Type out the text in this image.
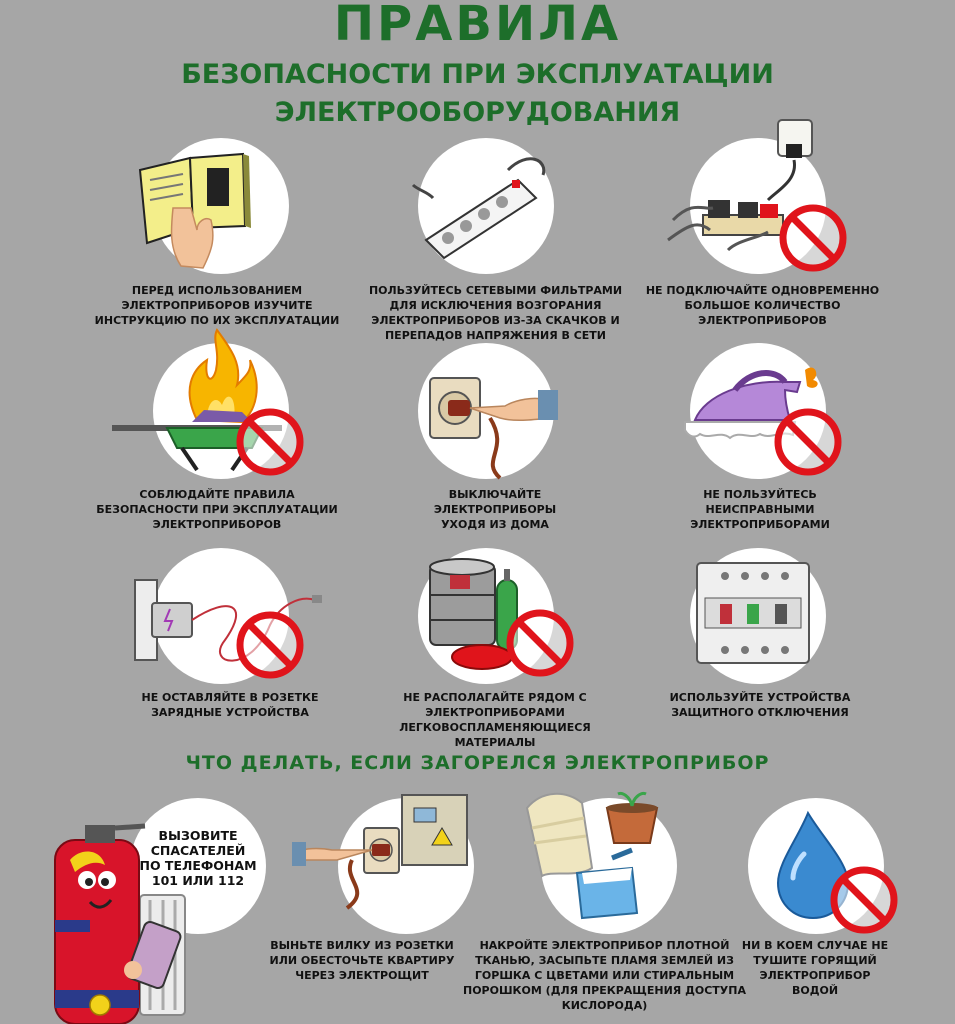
ПРАВИЛА
БЕЗОПАСНОСТИ ПРИ ЭКСПЛУАТАЦИИ
ЭЛЕКТРООБОРУДОВАНИЯ
ПЕРЕД ИСПОЛЬЗОВАНИЕМ ЭЛЕКТРОПРИБОРОВ ИЗУЧИТЕ ИНСТРУКЦИЮ ПО ИХ ЭКСПЛУАТАЦИИ
ПОЛЬЗУЙТЕСЬ СЕТЕВЫМИ ФИЛЬТРАМИ ДЛЯ ИСКЛЮЧЕНИЯ ВОЗГОРАНИЯ ЭЛЕКТРОПРИБОРОВ ИЗ-ЗА СКАЧКОВ И ПЕРЕПАДОВ НАПРЯЖЕНИЯ В СЕТИ
НЕ ПОДКЛЮЧАЙТЕ ОДНОВРЕМЕННО БОЛЬШОЕ КОЛИЧЕСТВО ЭЛЕКТРОПРИБОРОВ
СОБЛЮДАЙТЕ ПРАВИЛА БЕЗОПАСНОСТИ ПРИ ЭКСПЛУАТАЦИИ ЭЛЕКТРОПРИБОРОВ
ВЫКЛЮЧАЙТЕ ЭЛЕКТРОПРИБОРЫ УХОДЯ ИЗ ДОМА
НЕ ПОЛЬЗУЙТЕСЬ НЕИСПРАВНЫМИ ЭЛЕКТРОПРИБОРАМИ
НЕ ОСТАВЛЯЙТЕ В РОЗЕТКЕ ЗАРЯДНЫЕ УСТРОЙСТВА
НЕ РАСПОЛАГАЙТЕ РЯДОМ С ЭЛЕКТРОПРИБОРАМИ ЛЕГКОВОСПЛАМЕНЯЮЩИЕСЯ МАТЕРИАЛЫ
ИСПОЛЬЗУЙТЕ УСТРОЙСТВА ЗАЩИТНОГО ОТКЛЮЧЕНИЯ
ЧТО ДЕЛАТЬ, ЕСЛИ ЗАГОРЕЛСЯ ЭЛЕКТРОПРИБОР
ВЫЗОВИТЕ СПАСАТЕЛЕЙ ПО ТЕЛЕФОНАМ 101 ИЛИ 112
ВЫНЬТЕ ВИЛКУ ИЗ РОЗЕТКИ ИЛИ ОБЕСТОЧЬТЕ КВАРТИРУ ЧЕРЕЗ ЭЛЕКТРОЩИТ
НАКРОЙТЕ ЭЛЕКТРОПРИБОР ПЛОТНОЙ ТКАНЬЮ, ЗАСЫПЬТЕ ПЛАМЯ ЗЕМЛЕЙ ИЗ ГОРШКА С ЦВЕТАМИ ИЛИ СТИРАЛЬНЫМ ПОРОШКОМ (ДЛЯ ПРЕКРАЩЕНИЯ ДОСТУПА КИСЛОРОДА)
НИ В КОЕМ СЛУЧАЕ НЕ ТУШИТЕ ГОРЯЩИЙ ЭЛЕКТРОПРИБОР ВОДОЙ
